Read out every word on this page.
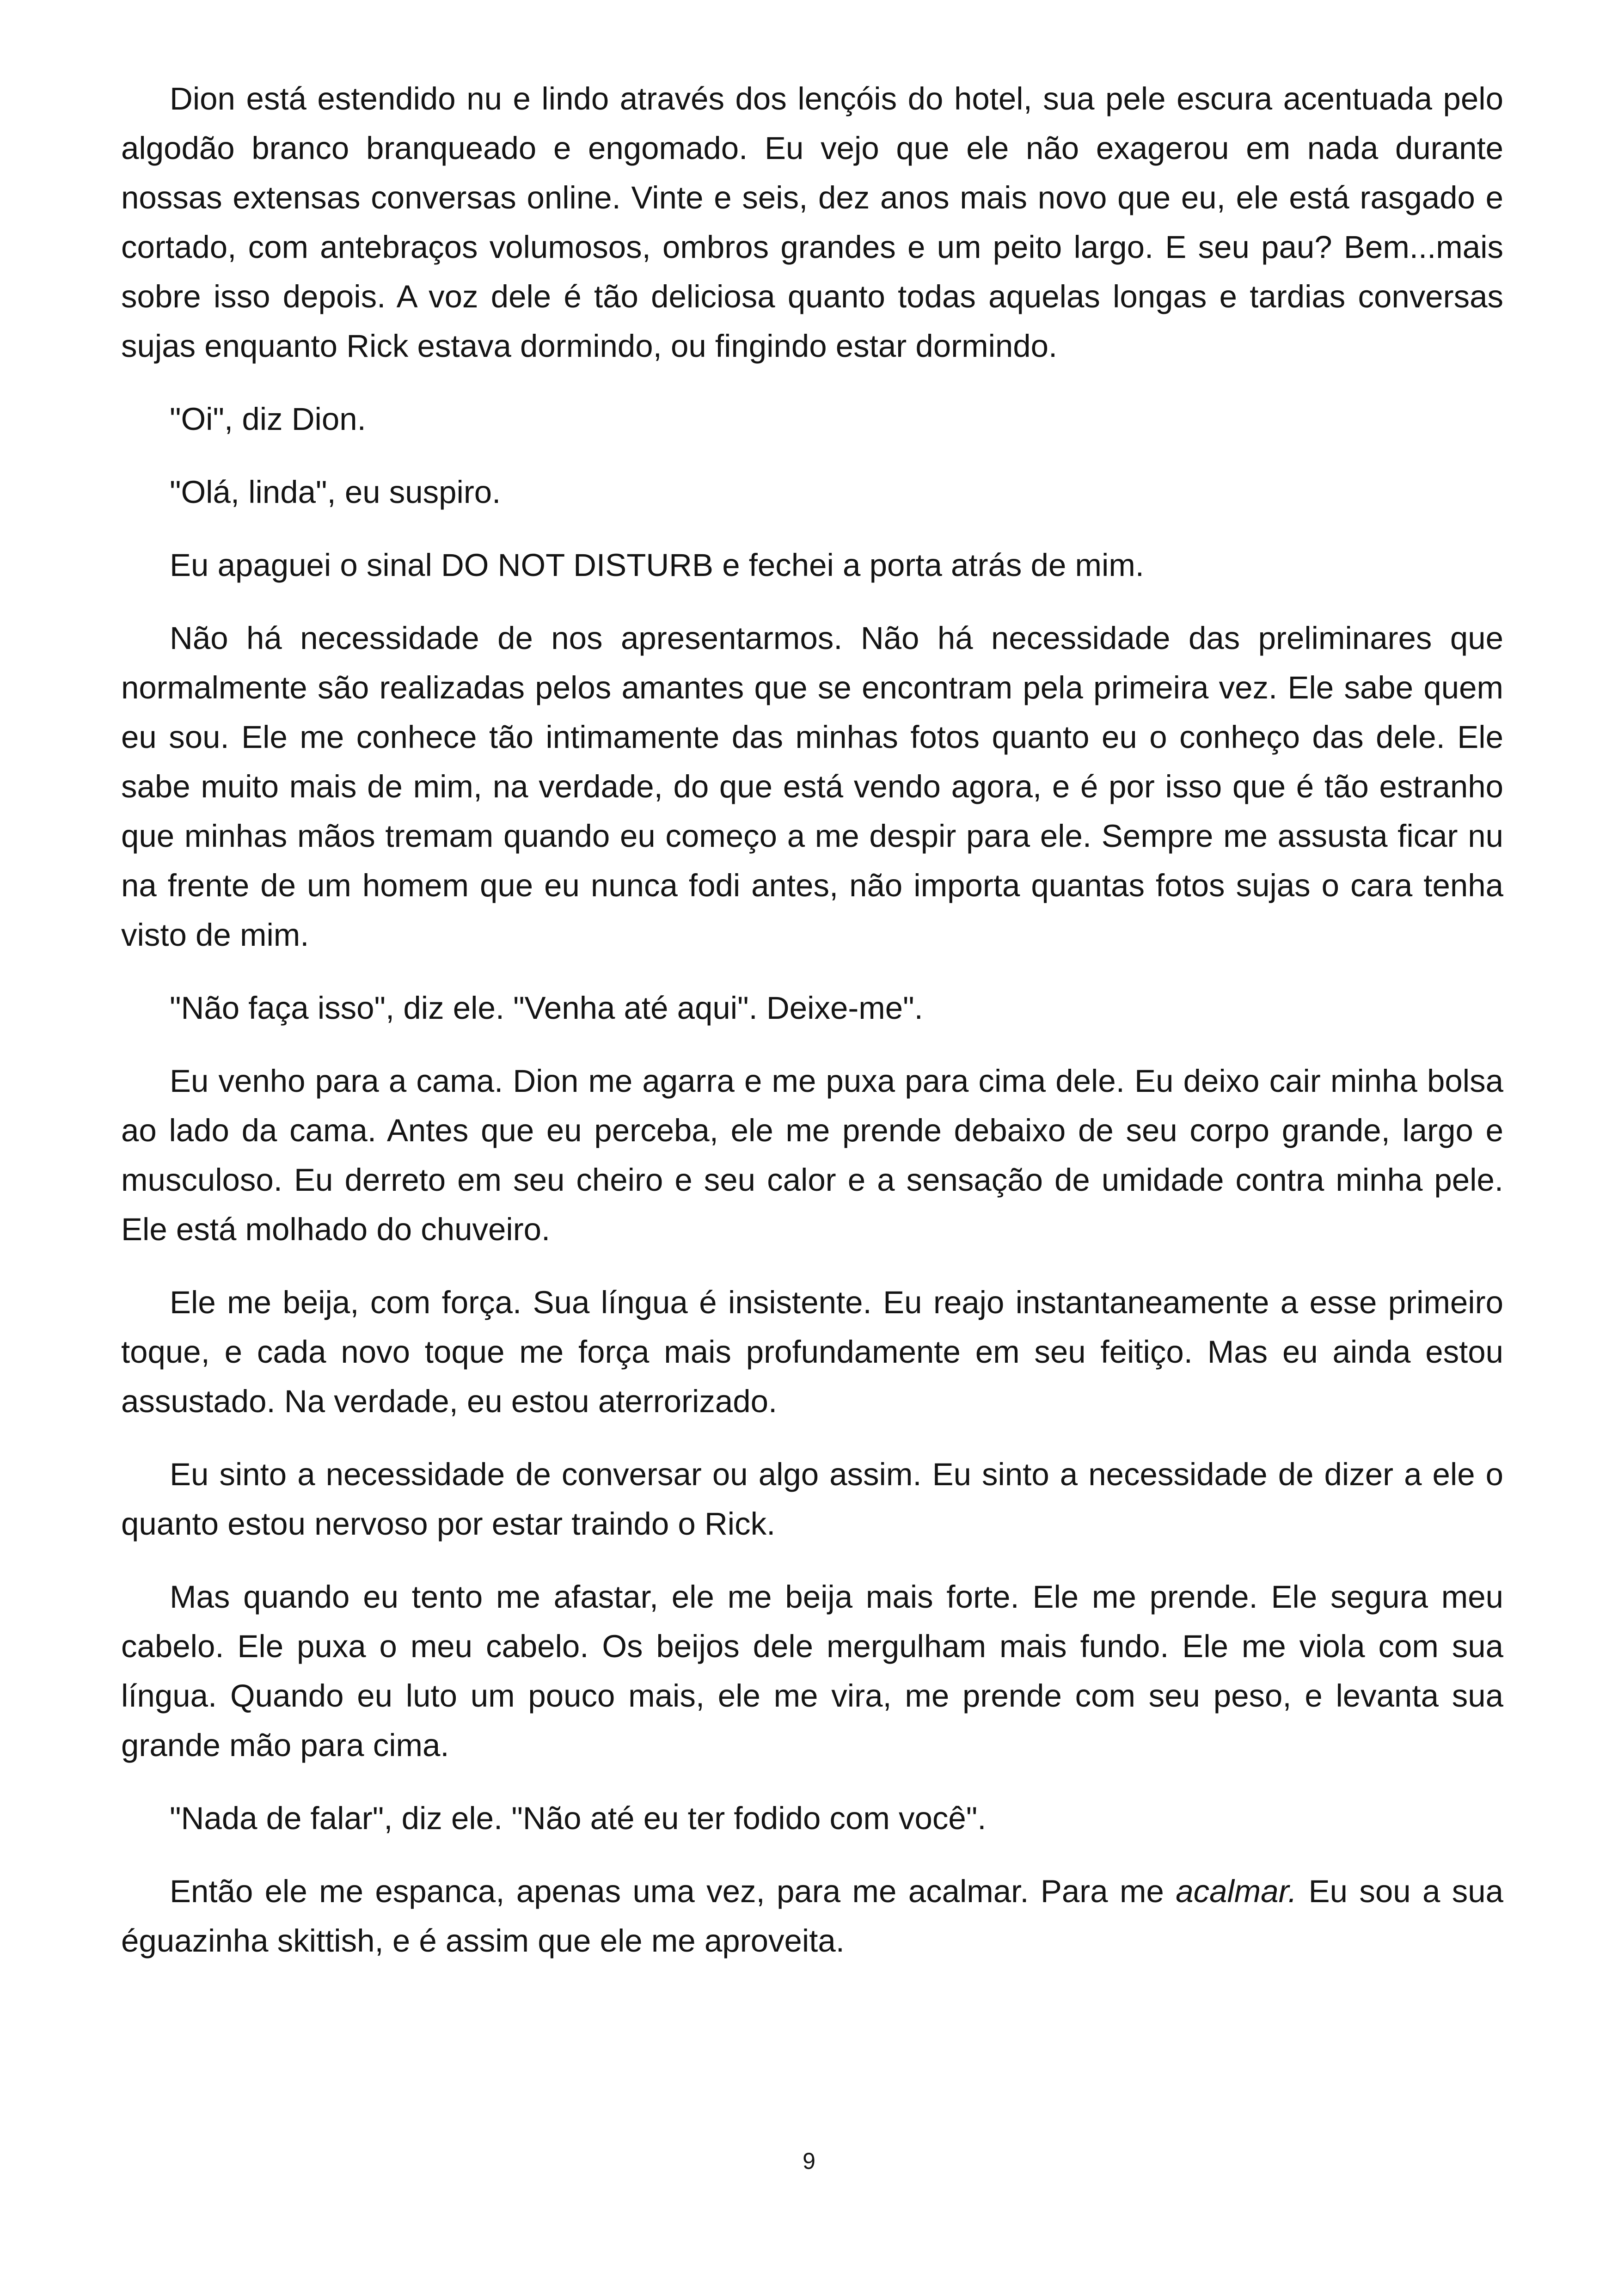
Dion está estendido nu e lindo através dos lençóis do hotel, sua pele escura acentuada pelo algodão branco branqueado e engomado. Eu vejo que ele não exagerou em nada durante nossas extensas conversas online. Vinte e seis, dez anos mais novo que eu, ele está rasgado e cortado, com antebraços volumosos, ombros grandes e um peito largo. E seu pau? Bem...mais sobre isso depois. A voz dele é tão deliciosa quanto todas aquelas longas e tardias conversas sujas enquanto Rick estava dormindo, ou fingindo estar dormindo.

"Oi", diz Dion.

"Olá, linda", eu suspiro.

Eu apaguei o sinal DO NOT DISTURB e fechei a porta atrás de mim.

Não há necessidade de nos apresentarmos. Não há necessidade das preliminares que normalmente são realizadas pelos amantes que se encontram pela primeira vez. Ele sabe quem eu sou. Ele me conhece tão intimamente das minhas fotos quanto eu o conheço das dele. Ele sabe muito mais de mim, na verdade, do que está vendo agora, e é por isso que é tão estranho que minhas mãos tremam quando eu começo a me despir para ele. Sempre me assusta ficar nu na frente de um homem que eu nunca fodi antes, não importa quantas fotos sujas o cara tenha visto de mim.

"Não faça isso", diz ele. "Venha até aqui". Deixe-me".

Eu venho para a cama. Dion me agarra e me puxa para cima dele. Eu deixo cair minha bolsa ao lado da cama. Antes que eu perceba, ele me prende debaixo de seu corpo grande, largo e musculoso. Eu derreto em seu cheiro e seu calor e a sensação de umidade contra minha pele. Ele está molhado do chuveiro.

Ele me beija, com força. Sua língua é insistente. Eu reajo instantaneamente a esse primeiro toque, e cada novo toque me força mais profundamente em seu feitiço. Mas eu ainda estou assustado. Na verdade, eu estou aterrorizado.

Eu sinto a necessidade de conversar ou algo assim. Eu sinto a necessidade de dizer a ele o quanto estou nervoso por estar traindo o Rick.

Mas quando eu tento me afastar, ele me beija mais forte. Ele me prende. Ele segura meu cabelo. Ele puxa o meu cabelo. Os beijos dele mergulham mais fundo. Ele me viola com sua língua. Quando eu luto um pouco mais, ele me vira, me prende com seu peso, e levanta sua grande mão para cima.

"Nada de falar", diz ele. "Não até eu ter fodido com você".

Então ele me espanca, apenas uma vez, para me acalmar. Para me acalmar. Eu sou a sua éguazinha skittish, e é assim que ele me aproveita.

9
